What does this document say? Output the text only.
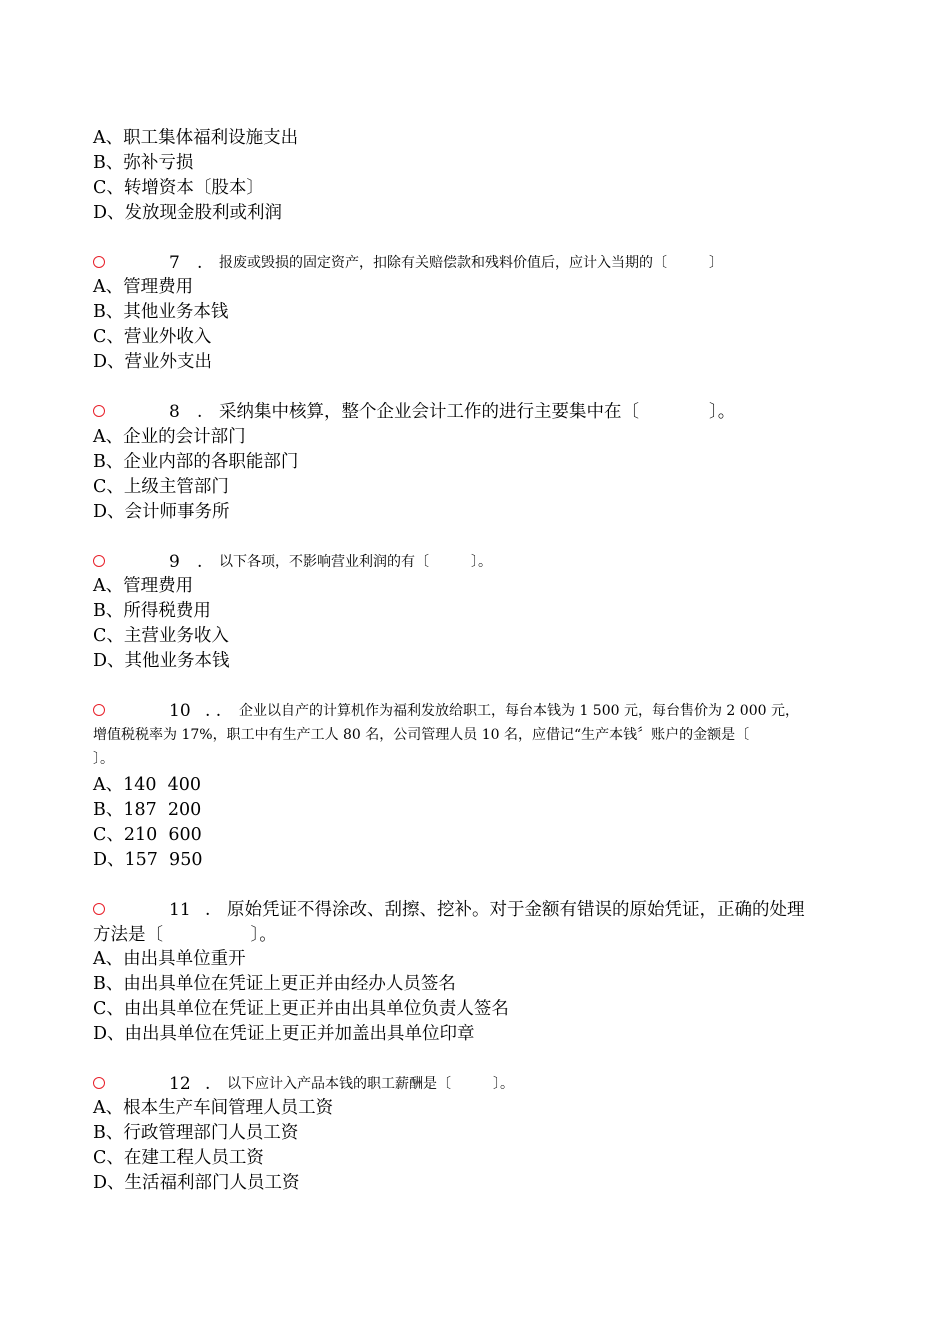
A、职工集体福利设施支出
B、弥补亏损
C、转增资本〔股本〕
D、发放现金股利或利润

7

.

报废或毁损的固定资产，扣除有关赔偿款和残料价值后，应计入当期的〔　　　〕

A、管理费用
B、其他业务本钱
C、营业外收入
D、营业外支出

8

.

采纳集中核算，整个企业会计工作的进行主要集中在〔　　　　〕。

A、企业的会计部门
B、企业内部的各职能部门
C、上级主管部门
D、会计师事务所

9

.

以下各项，不影响营业利润的有〔　　　〕。

A、管理费用
B、所得税费用
C、主营业务收入
D、其他业务本钱

10

. .

企业以自产的计算机作为福利发放给职工，每台本钱为 1 500 元，每台售价为 2 000 元，

增值税税率为 17%，职工中有生产工人 80 名，公司管理人员 10 名，应借记“生产本钱〞账户的金额是〔
〕。
A、140  400
B、187  200
C、210  600
D、157  950

11

.

原始凭证不得涂改、刮擦、挖补。对于金额有错误的原始凭证，正确的处理

方法是〔　　　　　〕。
A、由出具单位重开
B、由出具单位在凭证上更正并由经办人员签名
C、由出具单位在凭证上更正并由出具单位负责人签名
D、由出具单位在凭证上更正并加盖出具单位印章

12

.

以下应计入产品本钱的职工薪酬是〔　　　〕。

A、根本生产车间管理人员工资
B、行政管理部门人员工资
C、在建工程人员工资
D、生活福利部门人员工资
